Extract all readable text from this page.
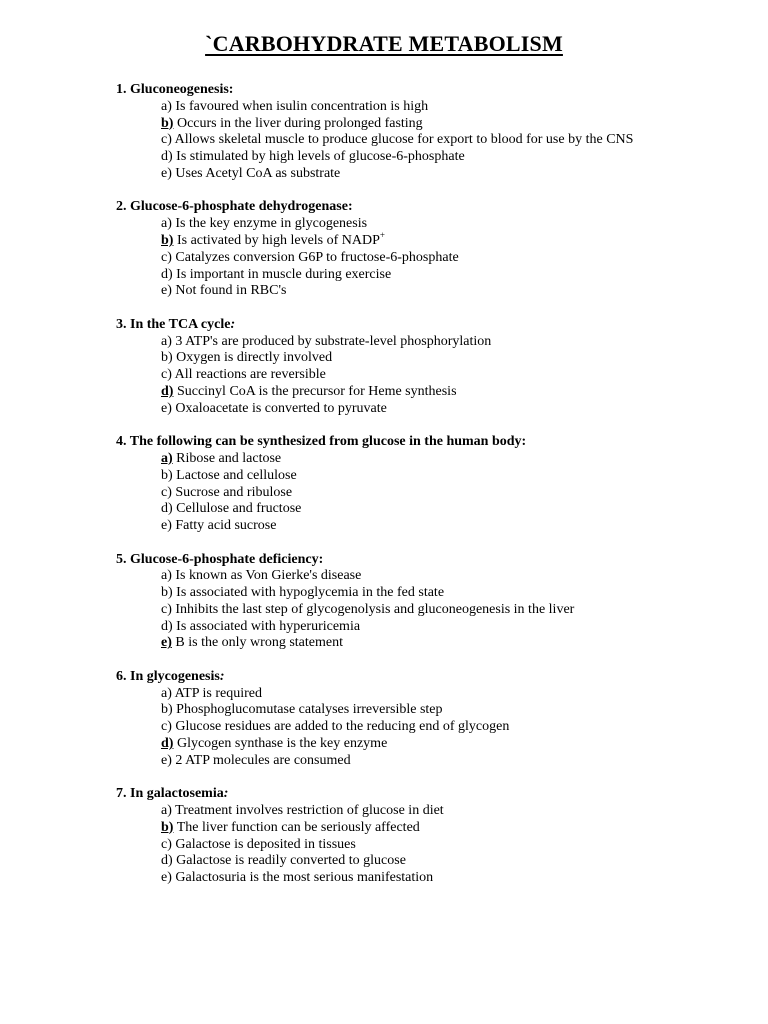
`CARBOHYDRATE METABOLISM
1. Gluconeogenesis:
a) Is favoured when isulin concentration is high
b) Occurs in the liver during prolonged fasting
c) Allows skeletal muscle to produce glucose for export to blood for use by the CNS
d) Is stimulated by high levels of glucose-6-phosphate
e) Uses Acetyl CoA as substrate
2. Glucose-6-phosphate dehydrogenase:
a) Is the key enzyme in glycogenesis
b) Is activated by high levels of NADP+
c) Catalyzes conversion G6P to fructose-6-phosphate
d) Is important in muscle during exercise
e) Not found in RBC's
3. In the TCA cycle:
a) 3 ATP's are produced by substrate-level phosphorylation
b) Oxygen is directly involved
c) All reactions are reversible
d) Succinyl CoA is the precursor for Heme synthesis
e) Oxaloacetate is converted to pyruvate
4. The following can be synthesized from glucose in the human body:
a) Ribose and lactose
b) Lactose and cellulose
c) Sucrose and ribulose
d) Cellulose and fructose
e) Fatty acid sucrose
5. Glucose-6-phosphate deficiency:
a) Is known as Von Gierke's disease
b) Is associated with hypoglycemia in the fed state
c) Inhibits the last step of glycogenolysis and gluconeogenesis in the liver
d) Is associated with hyperuricemia
e) B is the only wrong statement
6. In glycogenesis:
a) ATP is required
b) Phosphoglucomutase catalyses irreversible step
c) Glucose residues are added to the reducing end of glycogen
d) Glycogen synthase is the key enzyme
e) 2 ATP molecules are consumed
7. In galactosemia:
a) Treatment involves restriction of glucose in diet
b) The liver function can be seriously affected
c) Galactose is deposited in tissues
d) Galactose is readily converted to glucose
e) Galactosuria is the most serious manifestation
